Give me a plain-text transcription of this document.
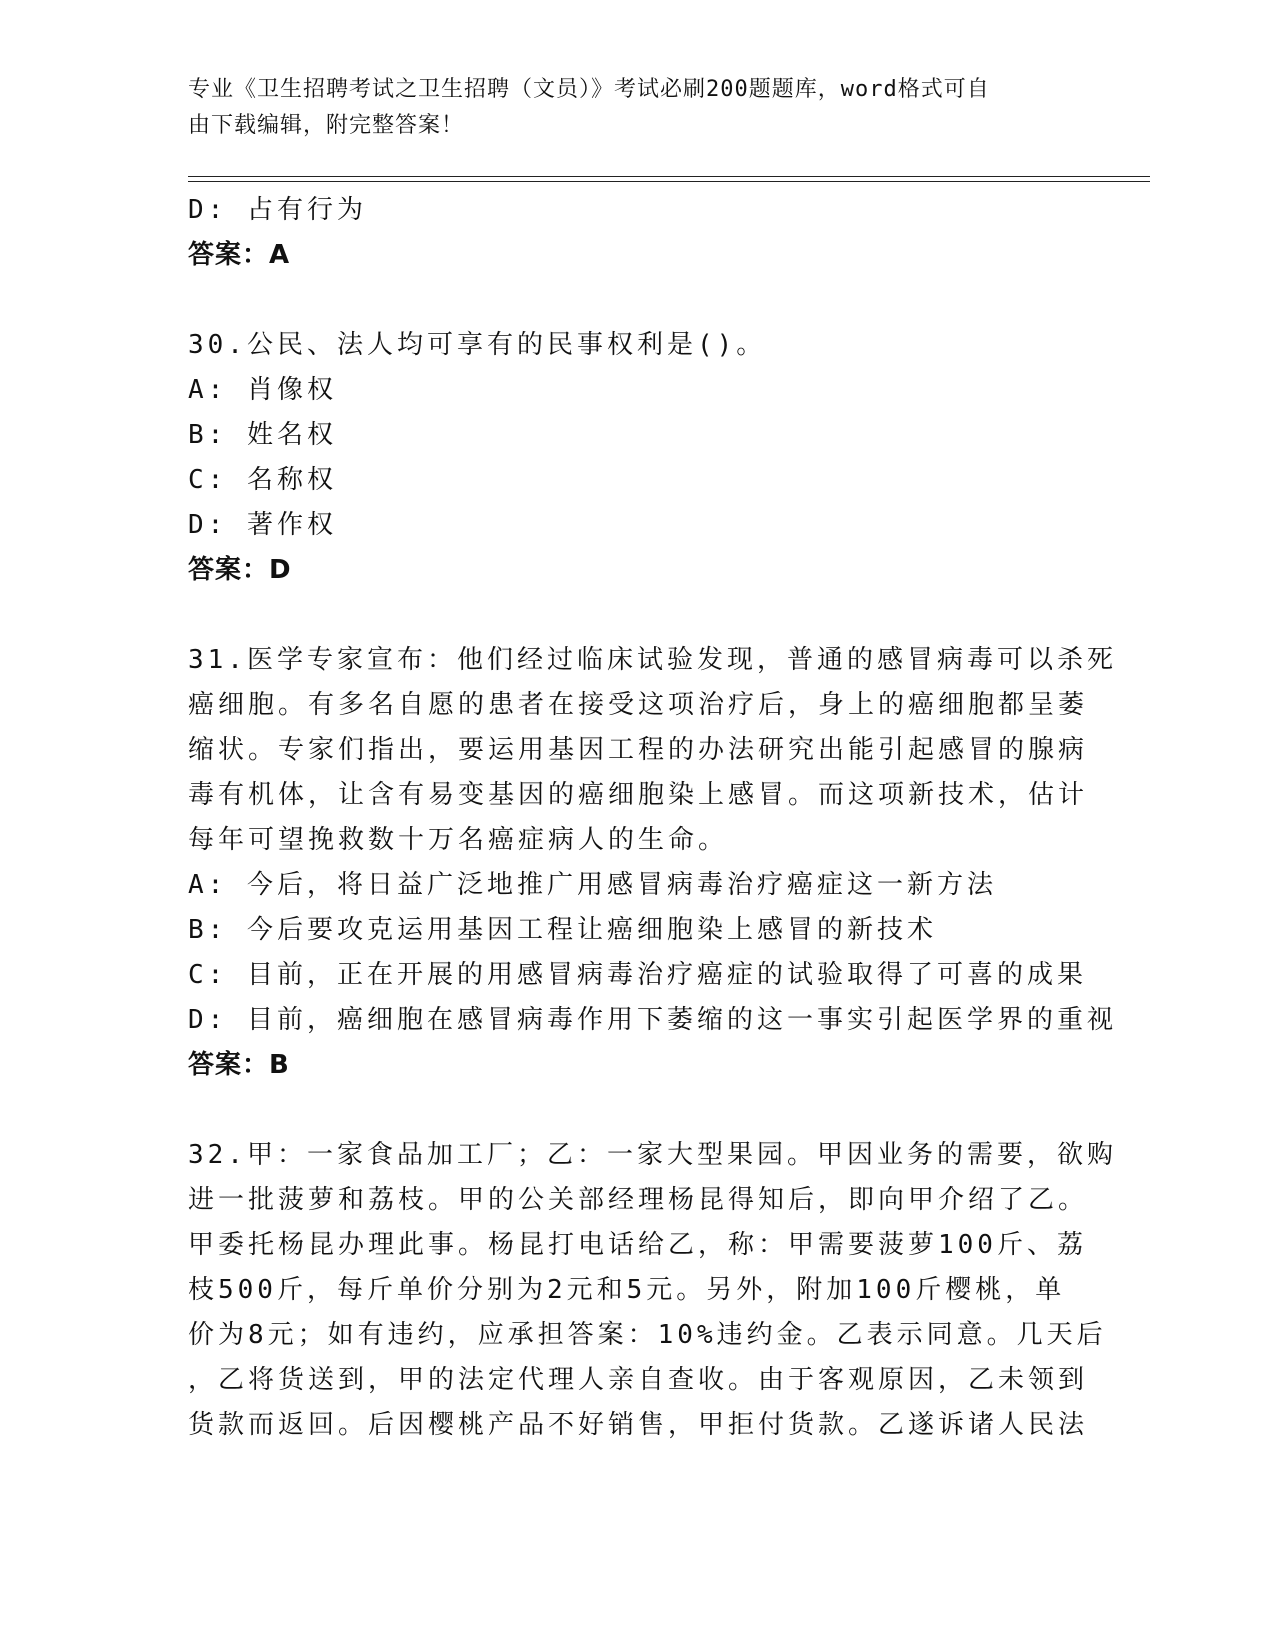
专业《卫生招聘考试之卫生招聘（文员）》考试必刷200题题库，word格式可自
由下载编辑，附完整答案！
D: 占有行为
答案：A
30.公民、法人均可享有的民事权利是()。
A: 肖像权
B: 姓名权
C: 名称权
D: 著作权
答案：D
31.医学专家宣布：他们经过临床试验发现，普通的感冒病毒可以杀死
癌细胞。有多名自愿的患者在接受这项治疗后，身上的癌细胞都呈萎
缩状。专家们指出，要运用基因工程的办法研究出能引起感冒的腺病
毒有机体，让含有易变基因的癌细胞染上感冒。而这项新技术，估计
每年可望挽救数十万名癌症病人的生命。
A: 今后，将日益广泛地推广用感冒病毒治疗癌症这一新方法
B: 今后要攻克运用基因工程让癌细胞染上感冒的新技术
C: 目前，正在开展的用感冒病毒治疗癌症的试验取得了可喜的成果
D: 目前，癌细胞在感冒病毒作用下萎缩的这一事实引起医学界的重视
答案：B
32.甲：一家食品加工厂；乙：一家大型果园。甲因业务的需要，欲购
进一批菠萝和荔枝。甲的公关部经理杨昆得知后，即向甲介绍了乙。
甲委托杨昆办理此事。杨昆打电话给乙，称：甲需要菠萝100斤、荔
枝500斤，每斤单价分别为2元和5元。另外，附加100斤樱桃，单
价为8元；如有违约，应承担答案：10%违约金。乙表示同意。几天后
，乙将货送到，甲的法定代理人亲自查收。由于客观原因，乙未领到
货款而返回。后因樱桃产品不好销售，甲拒付货款。乙遂诉诸人民法
